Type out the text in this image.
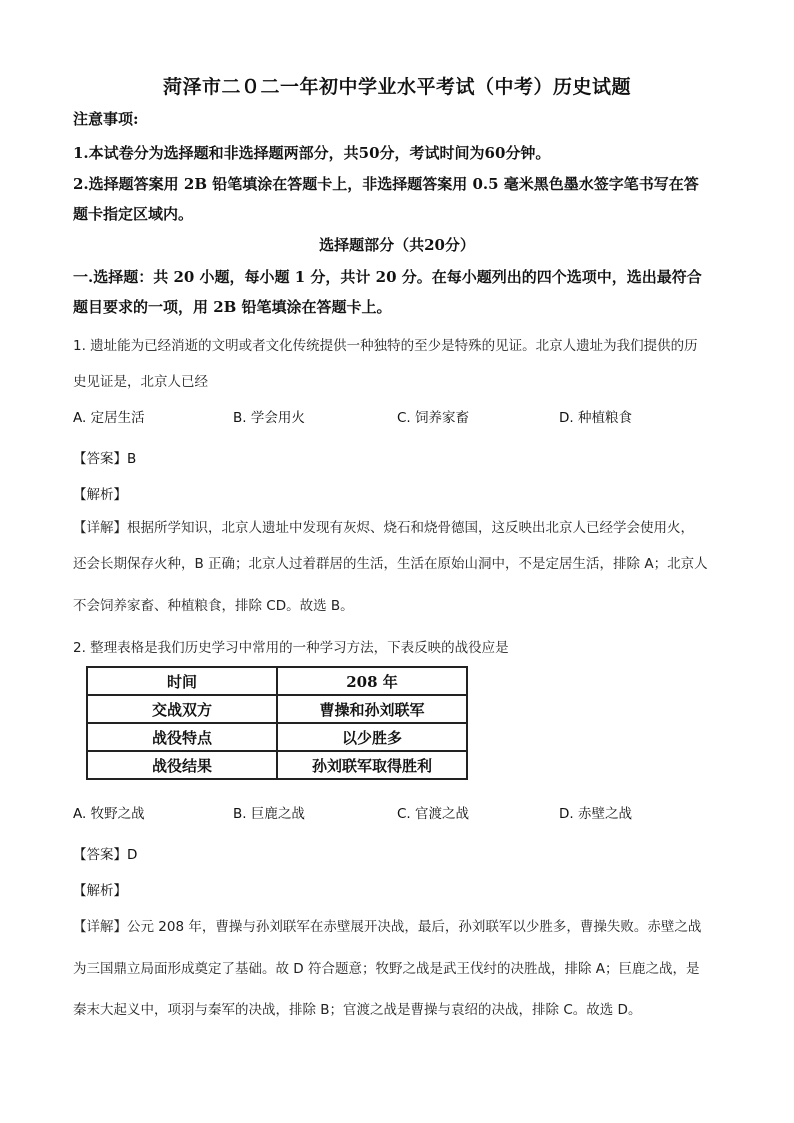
菏泽市二０二一年初中学业水平考试（中考）历史试题
注意事项:
1.本试卷分为选择题和非选择题两部分，共50分，考试时间为60分钟。
2.选择题答案用 2B 铅笔填涂在答题卡上，非选择题答案用 0.5 毫米黑色墨水签字笔书写在答
题卡指定区域内。
选择题部分（共20分）
一.选择题：共 20 小题，每小题 1 分，共计 20 分。在每小题列出的四个选项中，选出最符合
题目要求的一项，用 2B 铅笔填涂在答题卡上。
1. 遗址能为已经消逝的文明或者文化传统提供一种独特的至少是特殊的见证。北京人遗址为我们提供的历
史见证是，北京人已经
A. 定居生活	B. 学会用火	C. 饲养家畜	D. 种植粮食
【答案】B
【解析】
【详解】根据所学知识，北京人遗址中发现有灰烬、烧石和烧骨德国，这反映出北京人已经学会使用火，
还会长期保存火种，B 正确；北京人过着群居的生活，生活在原始山洞中，不是定居生活，排除 A；北京人
不会饲养家畜、种植粮食，排除 CD。故选 B。
2. 整理表格是我们历史学习中常用的一种学习方法，下表反映的战役应是
时间	208 年
交战双方	曹操和孙刘联军
战役特点	以少胜多
战役结果	孙刘联军取得胜利
A. 牧野之战	B. 巨鹿之战	C. 官渡之战	D. 赤壁之战
【答案】D
【解析】
【详解】公元 208 年，曹操与孙刘联军在赤壁展开决战，最后，孙刘联军以少胜多，曹操失败。赤壁之战
为三国鼎立局面形成奠定了基础。故 D 符合题意；牧野之战是武王伐纣的决胜战，排除 A；巨鹿之战，是
秦末大起义中，项羽与秦军的决战，排除 B；官渡之战是曹操与袁绍的决战，排除 C。故选 D。
